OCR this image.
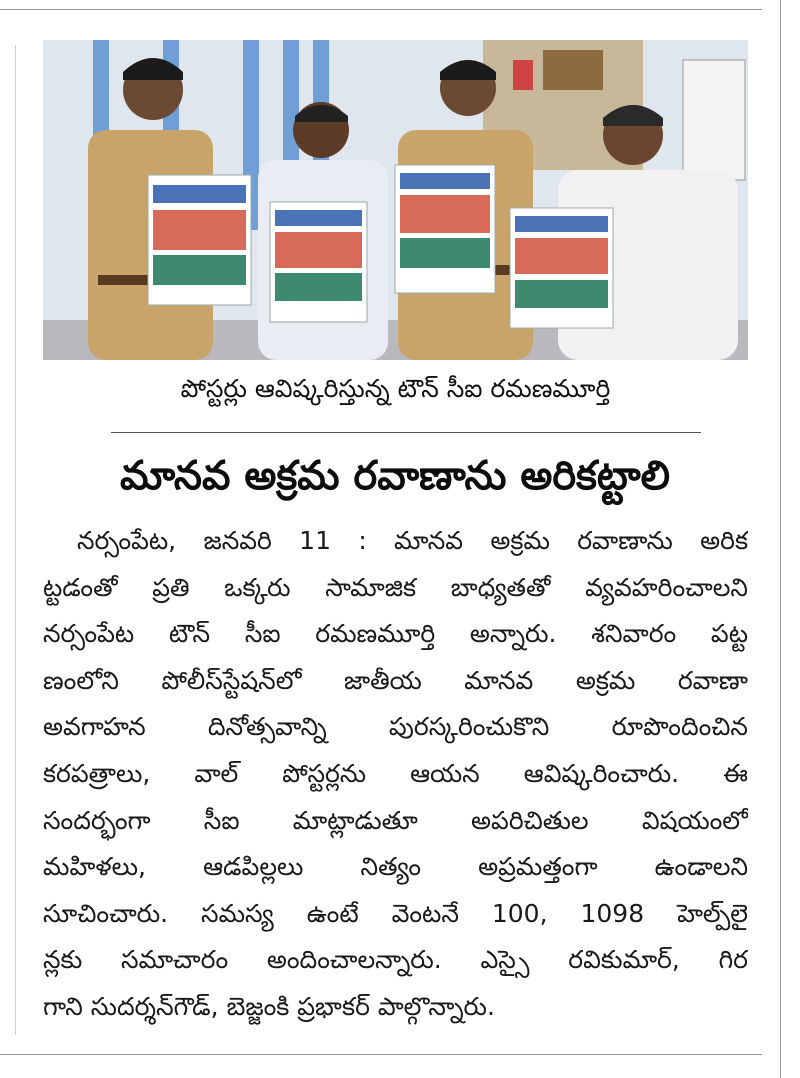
పోస్టర్లు ఆవిష్కరిస్తున్న టౌన్ సీఐ రమణమూర్తి
మానవ అక్రమ రవాణాను అరికట్టాలి
నర్సంపేట, జనవరి 11 : మానవ అక్రమ రవాణాను అరిక
ట్టడంతో ప్రతి ఒక్కరు సామాజిక బాధ్యతతో వ్యవహరించాలని
నర్సంపేట టౌన్ సీఐ రమణమూర్తి అన్నారు. శనివారం పట్ట
ణంలోని పోలీస్‌స్టేషన్‌లో జాతీయ మానవ అక్రమ రవాణా
అవగాహన దినోత్సవాన్ని పురస్కరించుకొని రూపొందించిన
కరపత్రాలు, వాల్ పోస్టర్లను ఆయన ఆవిష్కరించారు. ఈ
సందర్భంగా సీఐ మాట్లాడుతూ అపరిచితుల విషయంలో
మహిళలు, ఆడపిల్లలు నిత్యం అప్రమత్తంగా ఉండాలని
సూచించారు. సమస్య ఉంటే వెంటనే 100, 1098 హెల్ప్‌లై
న్లకు సమాచారం అందించాలన్నారు. ఎస్సై రవికుమార్, గిర
గాని సుదర్శన్‌గౌడ్, బెజ్జంకి ప్రభాకర్ పాల్గొన్నారు.
